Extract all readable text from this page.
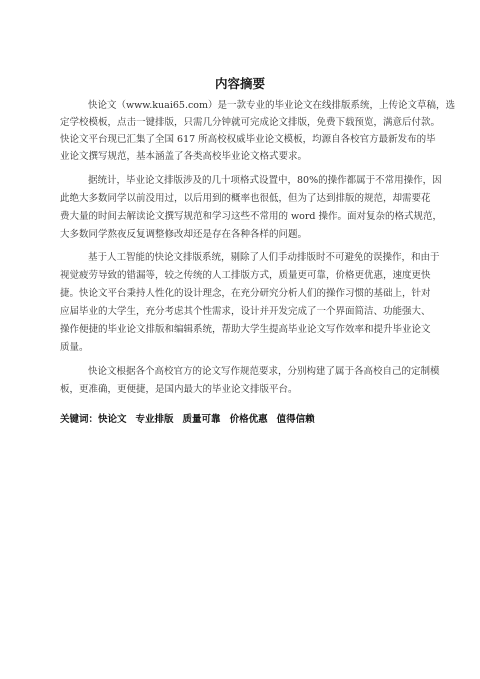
内容摘要
快论文（www.kuai65.com）是一款专业的毕业论文在线排版系统，上传论文草稿，选
定学校模板，点击一键排版，只需几分钟就可完成论文排版，免费下载预览，满意后付款。
快论文平台现已汇集了全国 617 所高校权威毕业论文模板，均源自各校官方最新发布的毕
业论文撰写规范，基本涵盖了各类高校毕业论文格式要求。
据统计，毕业论文排版涉及的几十项格式设置中，80%的操作都属于不常用操作，因
此绝大多数同学以前没用过，以后用到的概率也很低，但为了达到排版的规范，却需要花
费大量的时间去解读论文撰写规范和学习这些不常用的 word 操作。面对复杂的格式规范，
大多数同学熬夜反复调整修改却还是存在各种各样的问题。
基于人工智能的快论文排版系统，剔除了人们手动排版时不可避免的误操作，和由于
视觉疲劳导致的错漏等，较之传统的人工排版方式，质量更可靠，价格更优惠，速度更快
捷。快论文平台秉持人性化的设计理念，在充分研究分析人们的操作习惯的基础上，针对
应届毕业的大学生，充分考虑其个性需求，设计并开发完成了一个界面简洁、功能强大、
操作便捷的毕业论文排版和编辑系统，帮助大学生提高毕业论文写作效率和提升毕业论文
质量。
快论文根据各个高校官方的论文写作规范要求，分别构建了属于各高校自己的定制模
板，更准确，更便捷，是国内最大的毕业论文排版平台。
关键词：快论文 专业排版 质量可靠 价格优惠 值得信赖
